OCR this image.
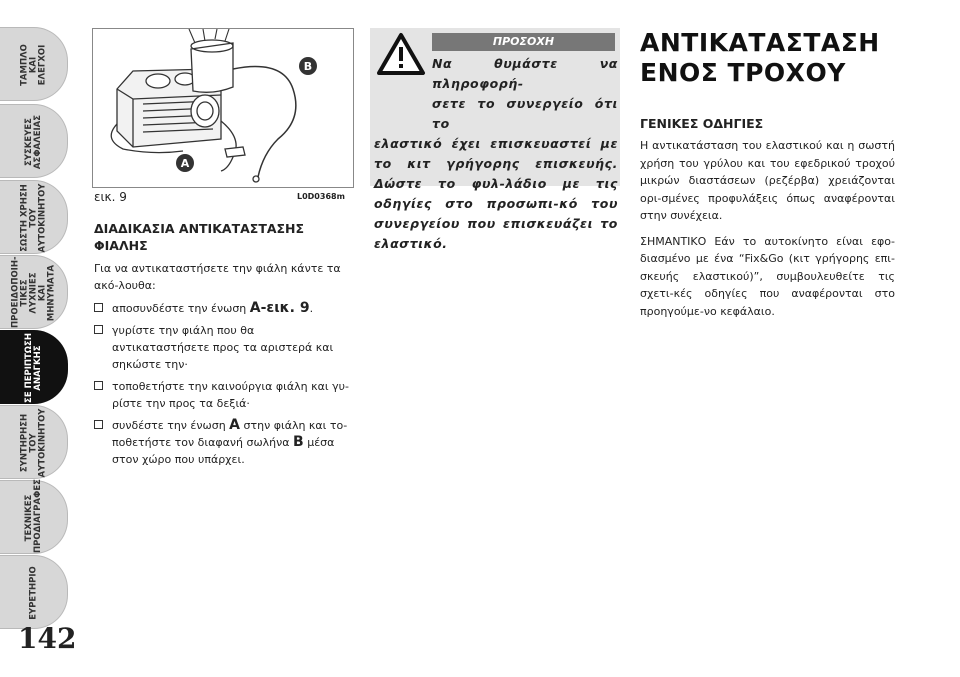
ΤΑΜΠΛΟ
ΚΑΙ
ΕΛΕΓΧΟΙ
ΣΥΣΚΕΥΕΣ
ΑΣΦΑΛΕΙΑΣ
ΣΩΣΤΗ ΧΡΗΣΗ
ΤΟΥ
ΑΥΤΟΚΙΝΗΤΟΥ
ΠΡΟΕΙΔΟΠΟΙΗ-
ΤΙΚΕΣ ΛΥΧΝΙΕΣ
ΚΑΙ ΜΗΝΥΜΑΤΑ
ΣΕ ΠΕΡΙΠΤΩΣΗ
ΑΝΑΓΚΗΣ
ΣΥΝΤΗΡΗΣΗ
ΤΟΥ
ΑΥΤΟΚΙΝΗΤΟΥ
ΤΕΧΝΙΚΕΣ
ΠΡΟΔΙΑΓΡΑΦΕΣ
ΕΥΡΕΤΗΡΙΟ
142
A
B
εικ. 9	L0D0368m
ΔΙΑΔΙΚΑΣΙΑ ΑΝΤΙΚΑΤΑΣΤΑΣΗΣ ΦΙΑΛΗΣ

Για να αντικαταστήσετε την φιάλη κάντε τα ακό-λουθα:

αποσυνδέστε την ένωση A-εικ. 9.
γυρίστε την φιάλη που θα αντικαταστήσετε προς τα αριστερά και σηκώστε την·
τοποθετήστε την καινούργια φιάλη και γυ-ρίστε την προς τα δεξιά·
συνδέστε την ένωση A στην φιάλη και το-ποθετήστε τον διαφανή σωλήνα B μέσα στον χώρο που υπάρχει.
ΠΡΟΣΟΧΗ
Να θυμάστε να πληροφορή-
σετε το συνεργείο ότι το
ελαστικό έχει επισκευαστεί με το κιτ γρήγορης επισκευής. Δώστε το φυλ-λάδιο με τις οδηγίες στο προσωπι-κό του συνεργείου που επισκευάζει το ελαστικό.
ΑΝΤΙΚΑΤΑΣΤΑΣΗ
ΕΝΟΣ ΤΡΟΧΟΥ
ΓΕΝΙΚΕΣ ΟΔΗΓΙΕΣ

Η αντικατάσταση του ελαστικού και η σωστή χρήση του γρύλου και του εφεδρικού τροχού μικρών διαστάσεων (ρεζέρβα) χρειάζονται ορι-σμένες προφυλάξεις όπως αναφέρονται στην συνέχεια.

ΣΗΜΑΝΤΙΚΟ Εάν το αυτοκίνητο είναι εφο-διασμένο με ένα “Fix&Go (κιτ γρήγορης επι-σκευής ελαστικού)”, συμβουλευθείτε τις σχετι-κές οδηγίες που αναφέρονται στο προηγούμε-νο κεφάλαιο.
